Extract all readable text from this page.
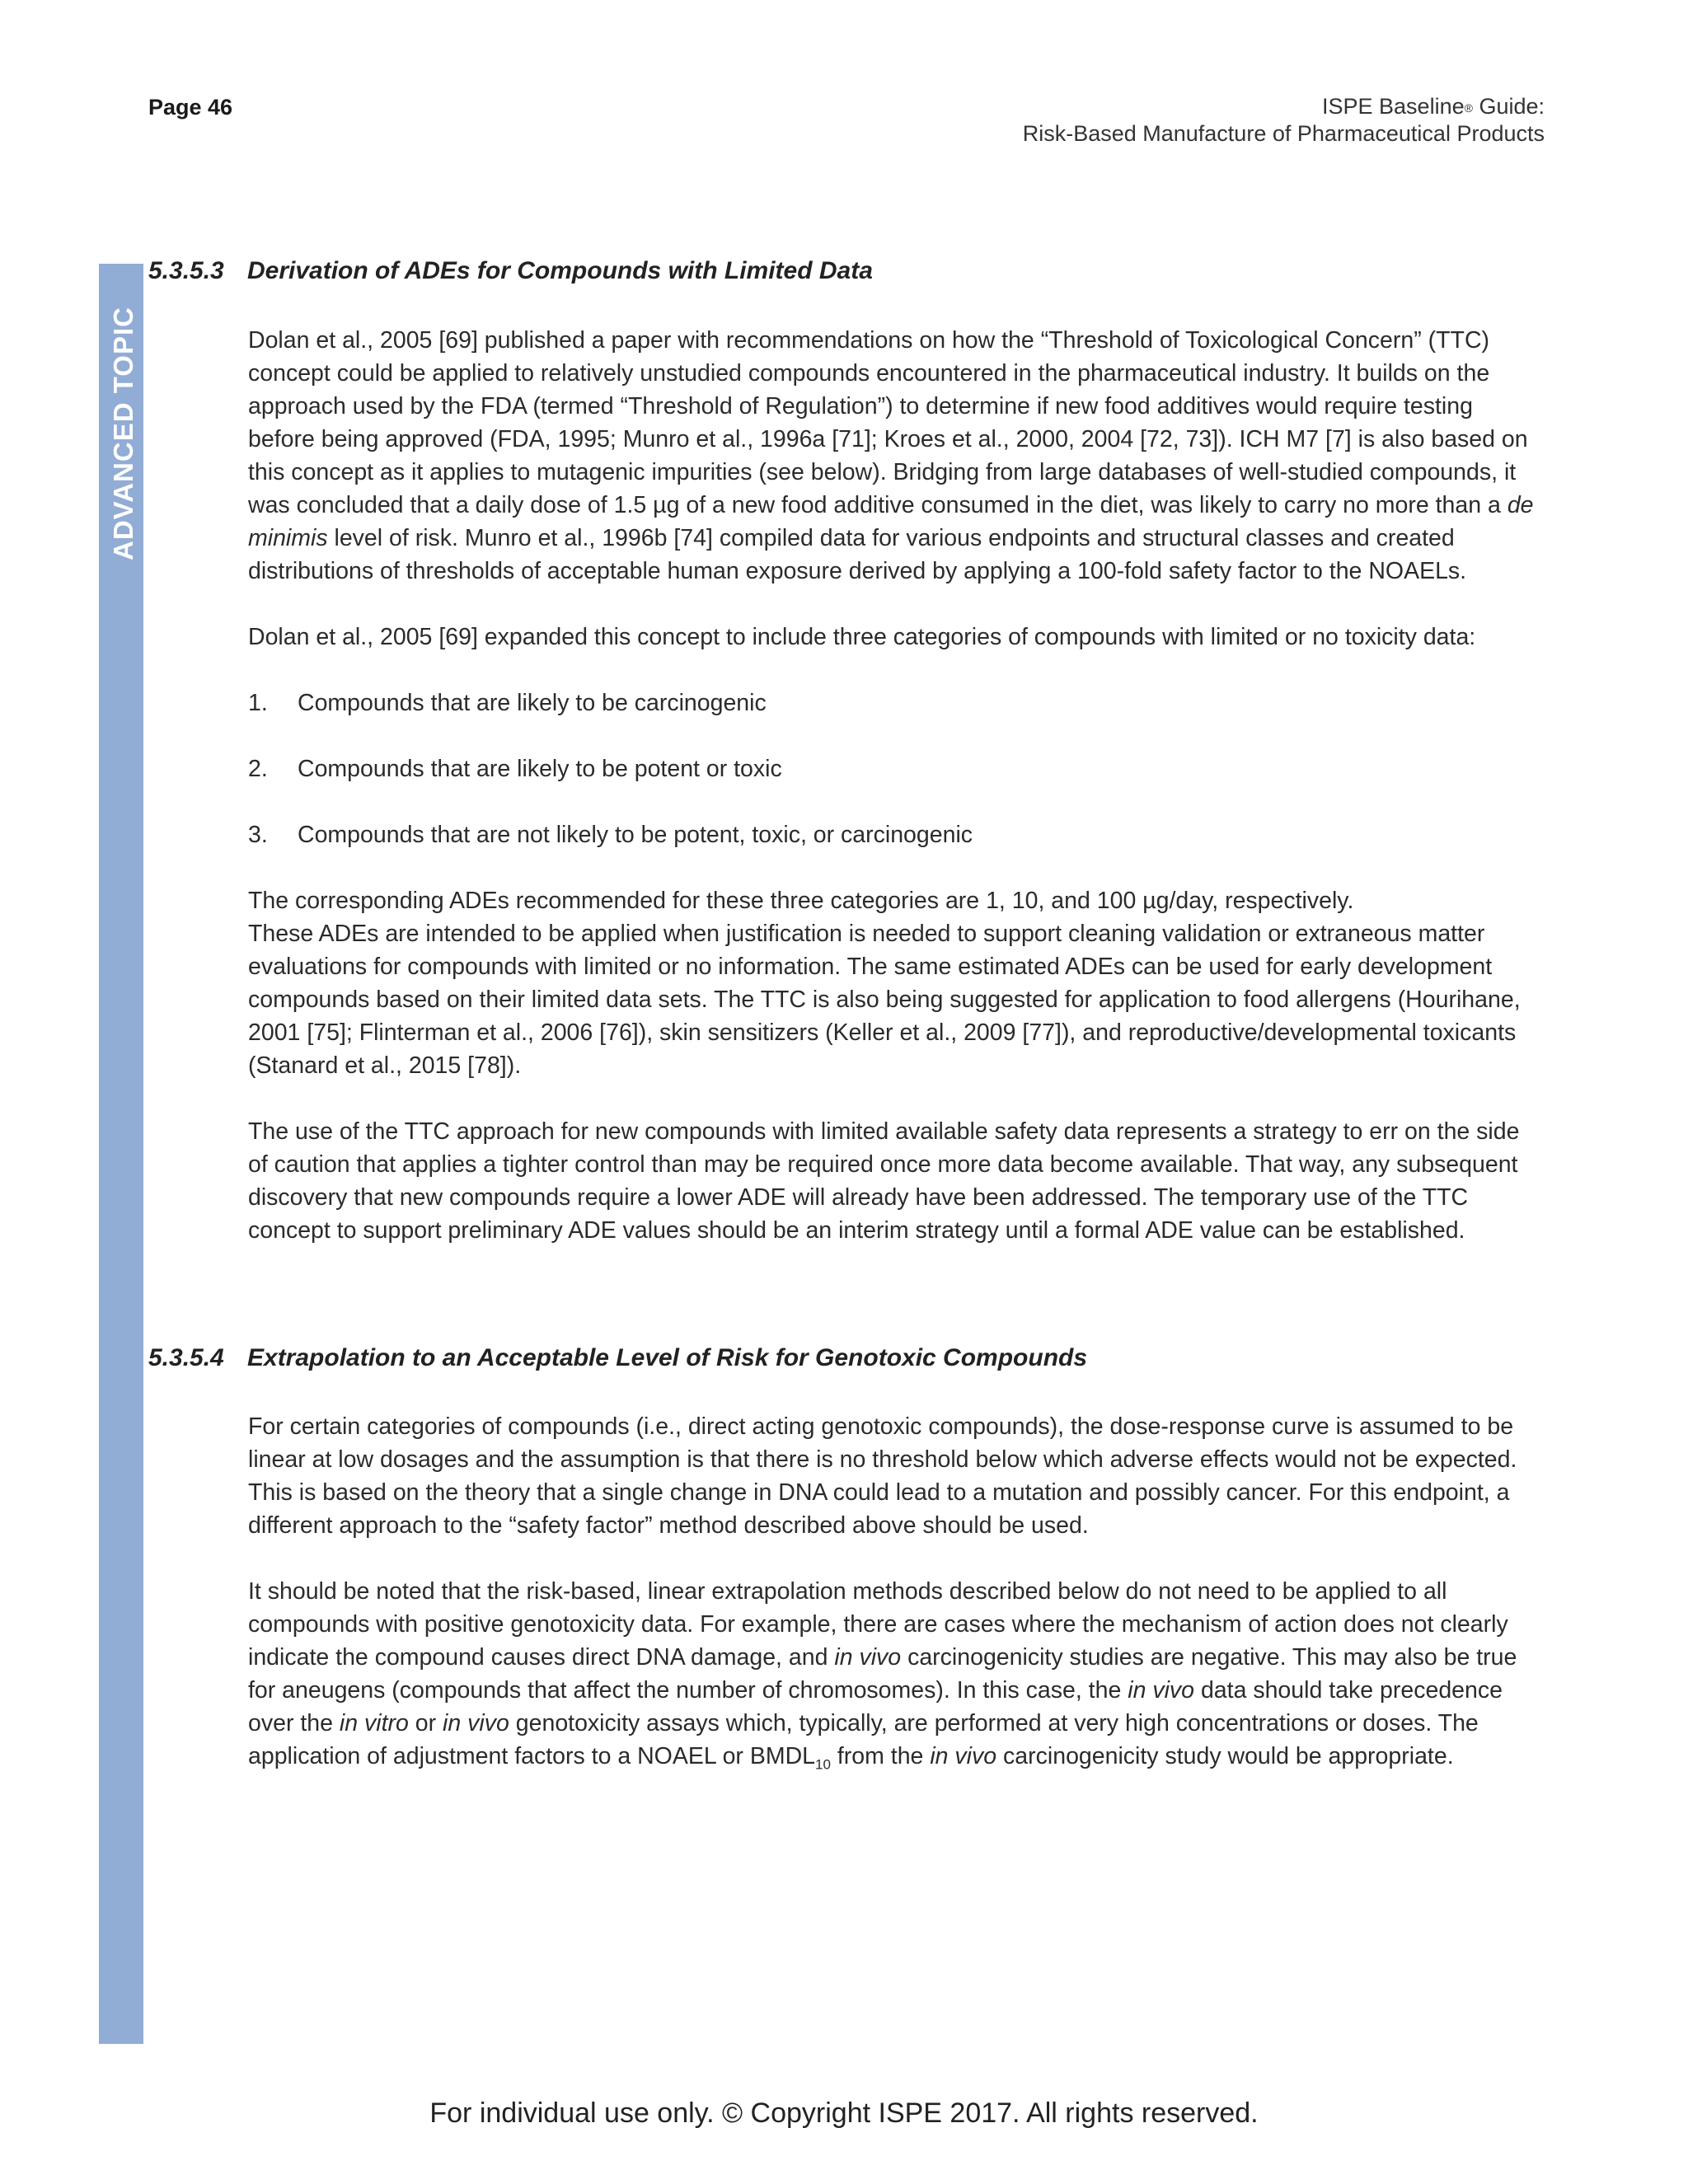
Page 46	ISPE Baseline® Guide:
Risk-Based Manufacture of Pharmaceutical Products
ADVANCED TOPIC
5.3.5.3 Derivation of ADEs for Compounds with Limited Data

Dolan et al., 2005 [69] published a paper with recommendations on how the “Threshold of Toxicological Concern” (TTC) concept could be applied to relatively unstudied compounds encountered in the pharmaceutical industry. It builds on the approach used by the FDA (termed “Threshold of Regulation”) to determine if new food additives would require testing before being approved (FDA, 1995; Munro et al., 1996a [71]; Kroes et al., 2000, 2004 [72, 73]). ICH M7 [7] is also based on this concept as it applies to mutagenic impurities (see below). Bridging from large databases of well-studied compounds, it was concluded that a daily dose of 1.5 µg of a new food additive consumed in the diet, was likely to carry no more than a de minimis level of risk. Munro et al., 1996b [74] compiled data for various endpoints and structural classes and created distributions of thresholds of acceptable human exposure derived by applying a 100-fold safety factor to the NOAELs.

Dolan et al., 2005 [69] expanded this concept to include three categories of compounds with limited or no toxicity data:

1. Compounds that are likely to be carcinogenic
2. Compounds that are likely to be potent or toxic
3. Compounds that are not likely to be potent, toxic, or carcinogenic

The corresponding ADEs recommended for these three categories are 1, 10, and 100 µg/day, respectively.
These ADEs are intended to be applied when justification is needed to support cleaning validation or extraneous matter evaluations for compounds with limited or no information. The same estimated ADEs can be used for early development compounds based on their limited data sets. The TTC is also being suggested for application to food allergens (Hourihane, 2001 [75]; Flinterman et al., 2006 [76]), skin sensitizers (Keller et al., 2009 [77]), and reproductive/developmental toxicants (Stanard et al., 2015 [78]).

The use of the TTC approach for new compounds with limited available safety data represents a strategy to err on the side of caution that applies a tighter control than may be required once more data become available. That way, any subsequent discovery that new compounds require a lower ADE will already have been addressed. The temporary use of the TTC concept to support preliminary ADE values should be an interim strategy until a formal ADE value can be established.

5.3.5.4 Extrapolation to an Acceptable Level of Risk for Genotoxic Compounds

For certain categories of compounds (i.e., direct acting genotoxic compounds), the dose-response curve is assumed to be linear at low dosages and the assumption is that there is no threshold below which adverse effects would not be expected. This is based on the theory that a single change in DNA could lead to a mutation and possibly cancer. For this endpoint, a different approach to the “safety factor” method described above should be used.

It should be noted that the risk-based, linear extrapolation methods described below do not need to be applied to all compounds with positive genotoxicity data. For example, there are cases where the mechanism of action does not clearly indicate the compound causes direct DNA damage, and in vivo carcinogenicity studies are negative. This may also be true for aneugens (compounds that affect the number of chromosomes). In this case, the in vivo data should take precedence over the in vitro or in vivo genotoxicity assays which, typically, are performed at very high concentrations or doses. The application of adjustment factors to a NOAEL or $BMDL_{10}$ from the in vivo carcinogenicity study would be appropriate.

For individual use only. © Copyright ISPE 2017. All rights reserved.
